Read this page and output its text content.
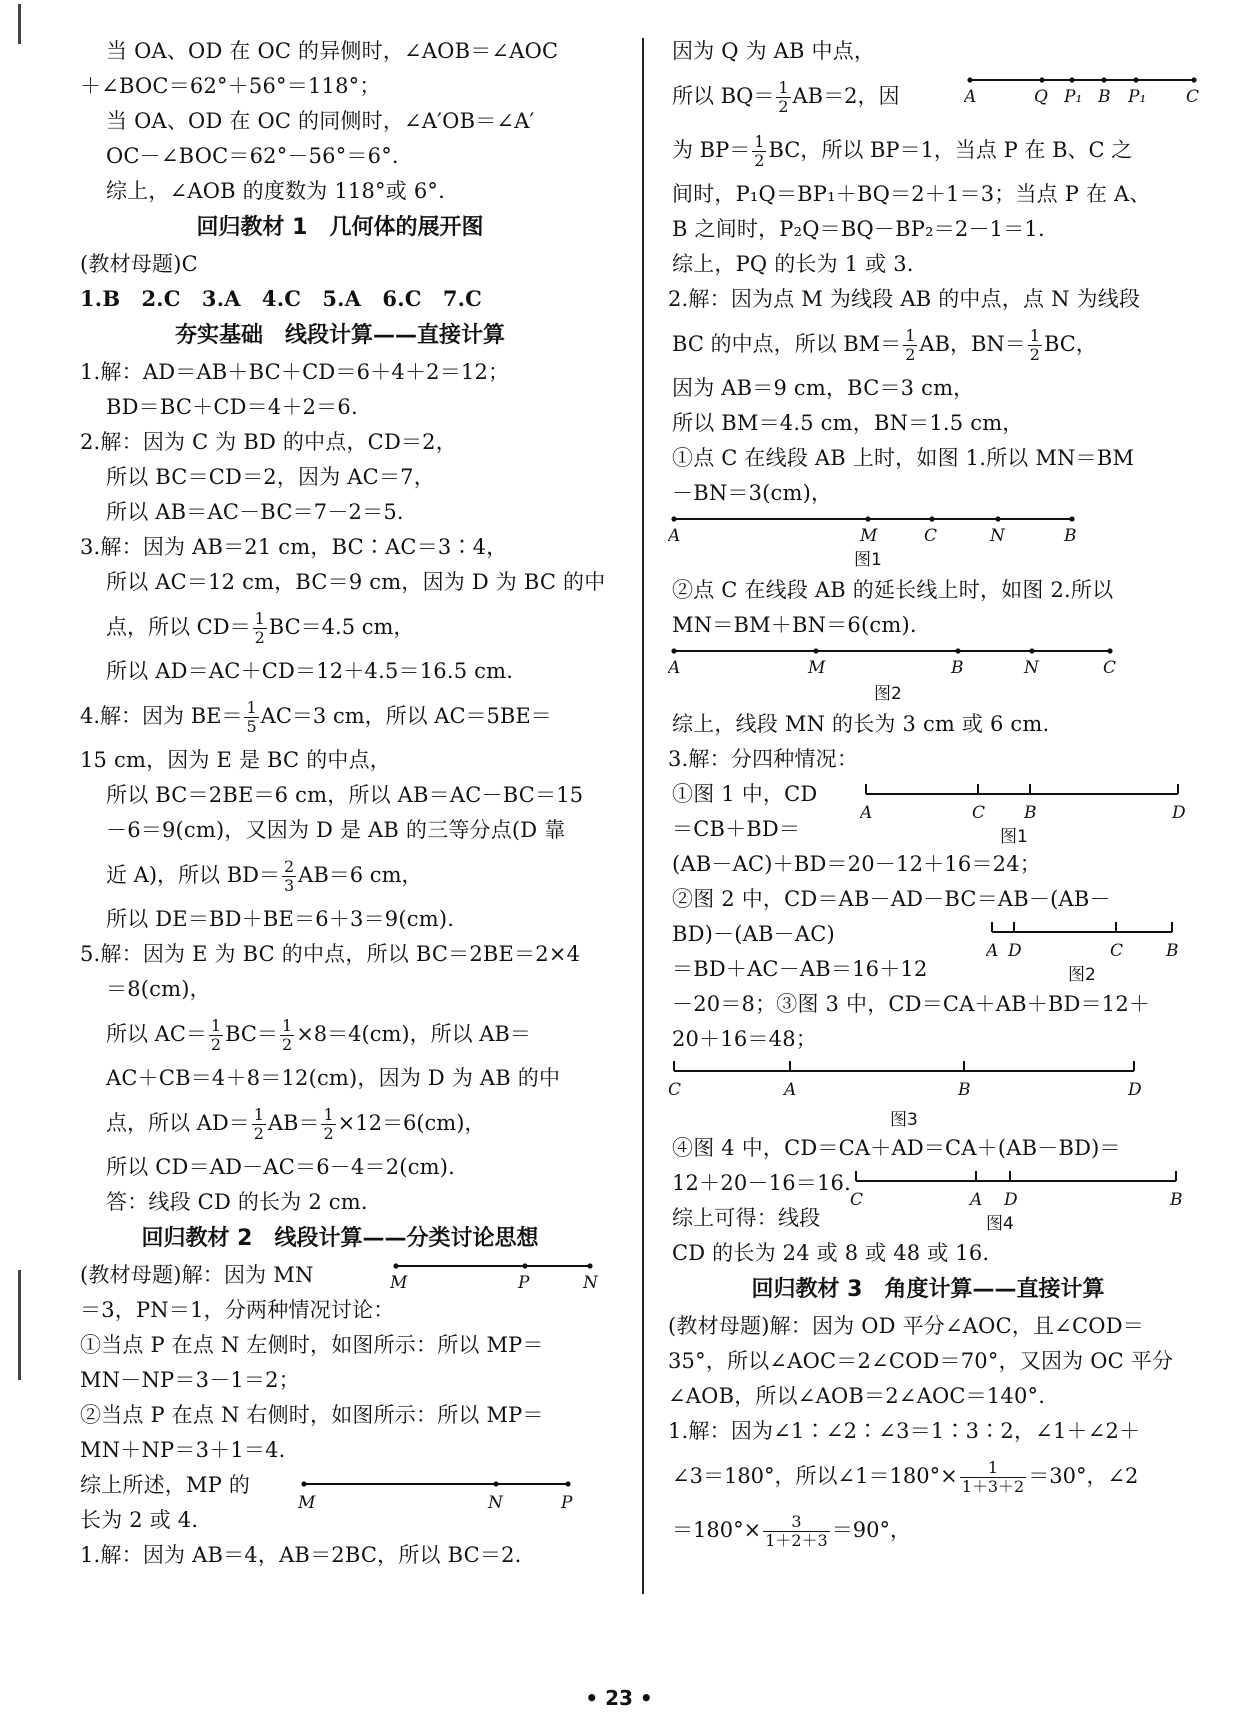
当 OA、OD 在 OC 的异侧时，∠AOB＝∠AOC
＋∠BOC＝62°＋56°＝118°；
当 OA、OD 在 OC 的同侧时，∠A′OB＝∠A′
OC－∠BOC＝62°－56°＝6°.
综上，∠AOB 的度数为 118°或 6°.
回归教材 1　几何体的展开图
(教材母题)C
1.B　2.C　3.A　4.C　5.A　6.C　7.C
夯实基础　线段计算——直接计算
1.解：AD＝AB＋BC＋CD＝6＋4＋2＝12；
BD＝BC＋CD＝4＋2＝6.
2.解：因为 C 为 BD 的中点，CD＝2，
所以 BC＝CD＝2，因为 AC＝7，
所以 AB＝AC－BC＝7－2＝5.
3.解：因为 AB＝21 cm，BC∶AC＝3∶4，
所以 AC＝12 cm，BC＝9 cm，因为 D 为 BC 的中
点，所以 $CD= \frac{1}{2} BC=4.5$ cm，
所以 AD＝AC＋CD＝12＋4.5＝16.5 cm.
4.解：因为 $BE= \frac{1}{5} AC=3$ cm，所以 AC＝5BE＝
15 cm，因为 E 是 BC 的中点，
所以 BC＝2BE＝6 cm，所以 AB＝AC－BC＝15
－6＝9(cm)，又因为 D 是 AB 的三等分点(D 靠
近 A)，所以 $BD= \frac{2}{3} AB=6$ cm，
所以 DE＝BD＋BE＝6＋3＝9(cm).
5.解：因为 E 为 BC 的中点，所以 BC＝2BE＝2×4
＝8(cm)，
所以 $AC= \frac{1}{2} BC= \frac{1}{2} \times 8=4(cm)$，所以 AB＝
AC＋CB＝4＋8＝12(cm)，因为 D 为 AB 的中
点，所以 $AD= \frac{1}{2} AB= \frac{1}{2} \times 12=6(cm)$，
所以 CD＝AD－AC＝6－4＝2(cm).
答：线段 CD 的长为 2 cm.
回归教材 2　线段计算——分类讨论思想
(教材母题)解：因为 MN	M	P	N
＝3，PN＝1，分两种情况讨论：
①当点 P 在点 N 左侧时，如图所示：所以 MP＝
MN－NP＝3－1＝2；
②当点 P 在点 N 右侧时，如图所示：所以 MP＝
MN＋NP＝3＋1＝4.
综上所述，MP 的
长为 2 或 4.
M	N	P
1.解：因为 AB＝4，AB＝2BC，所以 BC＝2.
因为 Q 为 AB 中点，
所以 $BQ= \frac{1}{2} AB=2$，因	A	Q P₁ B P₁ C
为 $BP= \frac{1}{2}$ BC，所以 BP＝1，当点 P 在 B、C 之
间时，P₁Q＝BP₁＋BQ＝2＋1＝3；当点 P 在 A、
B 之间时，P₂Q＝BQ－BP₂＝2－1＝1.
综上，PQ 的长为 1 或 3.
2.解：因为点 M 为线段 AB 的中点，点 N 为线段
BC 的中点，所以 $BM= \frac{1}{2}$ AB，$BN= \frac{1}{2}$ BC，
因为 AB＝9 cm，BC＝3 cm，
所以 BM＝4.5 cm，BN＝1.5 cm，
①点 C 在线段 AB 上时，如图 1.所以 MN＝BM
－BN＝3(cm)，
A	M	C	N	B
图1
②点 C 在线段 AB 的延长线上时，如图 2.所以
MN＝BM＋BN＝6(cm).
A	M	B	N	C
图2
综上，线段 MN 的长为 3 cm 或 6 cm.
3.解：分四种情况：
①图 1 中，CD
＝CB＋BD＝
A	C B	D
图1
(AB－AC)＋BD＝20－12＋16＝24；
②图 2 中，CD＝AB－AD－BC＝AB－(AB－
BD)－(AB－AC)
＝BD＋AC－AB＝16＋12
A D	C	B
图2
－20＝8；③图 3 中，CD＝CA＋AB＋BD＝12＋
20＋16＝48；
C	A	B	D
图3
④图 4 中，CD＝CA＋AD＝CA＋(AB－BD)＝
12＋20－16＝16.
综上可得：线段
CD 的长为 24 或 8 或 48 或 16.
C	A D	B
图4
回归教材 3　角度计算——直接计算
(教材母题)解：因为 OD 平分∠AOC，且∠COD＝
35°，所以∠AOC＝2∠COD＝70°，又因为 OC 平分
∠AOB，所以∠AOB＝2∠AOC＝140°.
1.解：因为∠1∶∠2∶∠3＝1∶3∶2，∠1＋∠2＋
∠3＝180°，所以∠1＝180°× $\frac{1}{1+3+2} =30^\circ$，∠2
$=180^\circ\times \frac{3}{1+2+3} =90^\circ$，
• 23 •
